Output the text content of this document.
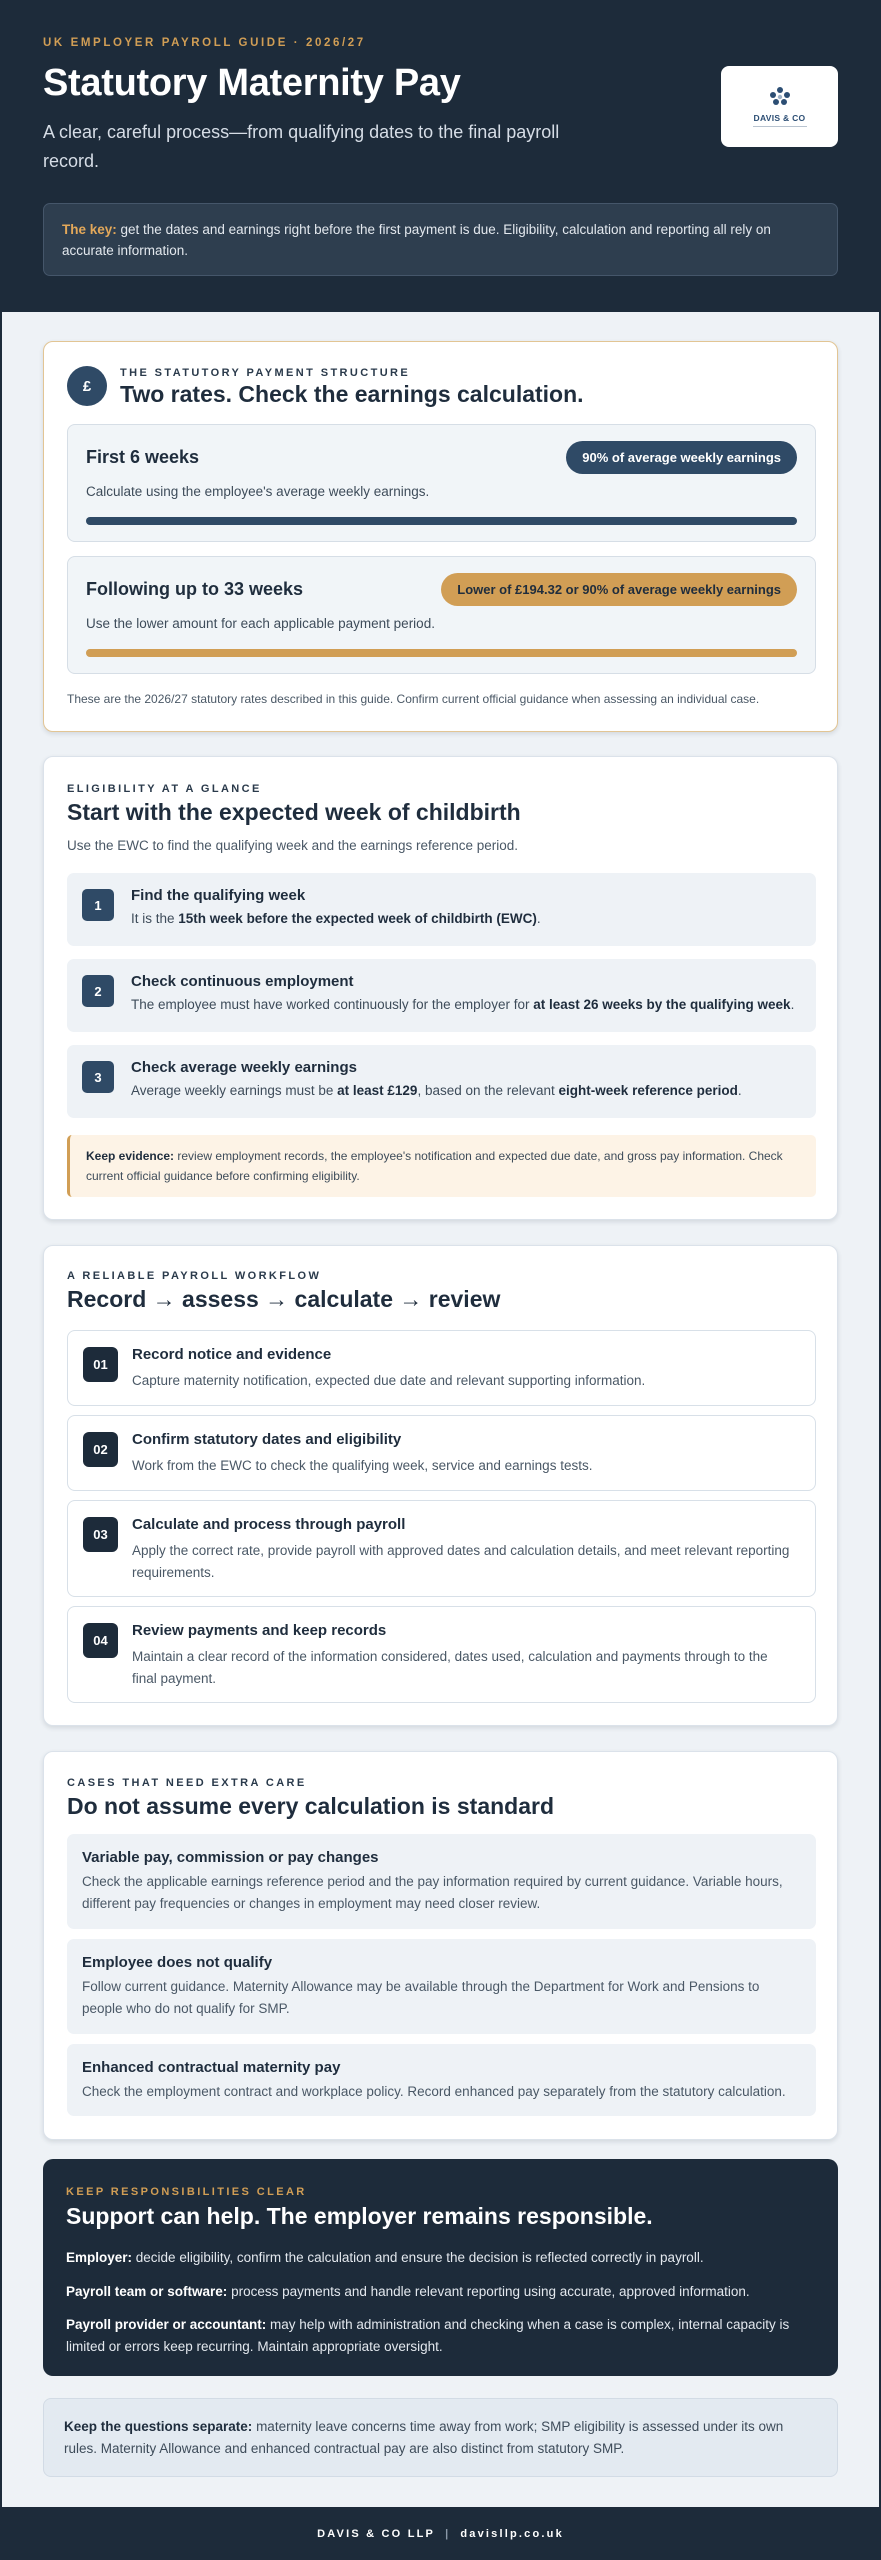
UK EMPLOYER PAYROLL GUIDE · 2026/27
Statutory Maternity Pay
A clear, careful process—from qualifying dates to the final payroll record.
DAVIS & CO
The key: get the dates and earnings right before the first payment is due. Eligibility, calculation and reporting all rely on accurate information.
£
THE STATUTORY PAYMENT STRUCTURE
Two rates. Check the earnings calculation.
First 6 weeks	90% of average weekly earnings
Calculate using the employee's average weekly earnings.
Following up to 33 weeks	Lower of £194.32 or 90% of average weekly earnings
Use the lower amount for each applicable payment period.
These are the 2026/27 statutory rates described in this guide. Confirm current official guidance when assessing an individual case.
ELIGIBILITY AT A GLANCE
Start with the expected week of childbirth
Use the EWC to find the qualifying week and the earnings reference period.
1
Find the qualifying week
It is the 15th week before the expected week of childbirth (EWC).
2
Check continuous employment
The employee must have worked continuously for the employer for at least 26 weeks by the qualifying week.
3
Check average weekly earnings
Average weekly earnings must be at least £129, based on the relevant eight-week reference period.
Keep evidence: review employment records, the employee's notification and expected due date, and gross pay information. Check current official guidance before confirming eligibility.
A RELIABLE PAYROLL WORKFLOW
Record → assess → calculate → review
01
Record notice and evidence
Capture maternity notification, expected due date and relevant supporting information.
02
Confirm statutory dates and eligibility
Work from the EWC to check the qualifying week, service and earnings tests.
03
Calculate and process through payroll
Apply the correct rate, provide payroll with approved dates and calculation details, and meet relevant reporting requirements.
04
Review payments and keep records
Maintain a clear record of the information considered, dates used, calculation and payments through to the final payment.
CASES THAT NEED EXTRA CARE
Do not assume every calculation is standard
Variable pay, commission or pay changes
Check the applicable earnings reference period and the pay information required by current guidance. Variable hours, different pay frequencies or changes in employment may need closer review.
Employee does not qualify
Follow current guidance. Maternity Allowance may be available through the Department for Work and Pensions to people who do not qualify for SMP.
Enhanced contractual maternity pay
Check the employment contract and workplace policy. Record enhanced pay separately from the statutory calculation.
KEEP RESPONSIBILITIES CLEAR
Support can help. The employer remains responsible.
Employer: decide eligibility, confirm the calculation and ensure the decision is reflected correctly in payroll.
Payroll team or software: process payments and handle relevant reporting using accurate, approved information.
Payroll provider or accountant: may help with administration and checking when a case is complex, internal capacity is limited or errors keep recurring. Maintain appropriate oversight.
Keep the questions separate: maternity leave concerns time away from work; SMP eligibility is assessed under its own rules. Maternity Allowance and enhanced contractual pay are also distinct from statutory SMP.
DAVIS & CO LLP | davisllp.co.uk
